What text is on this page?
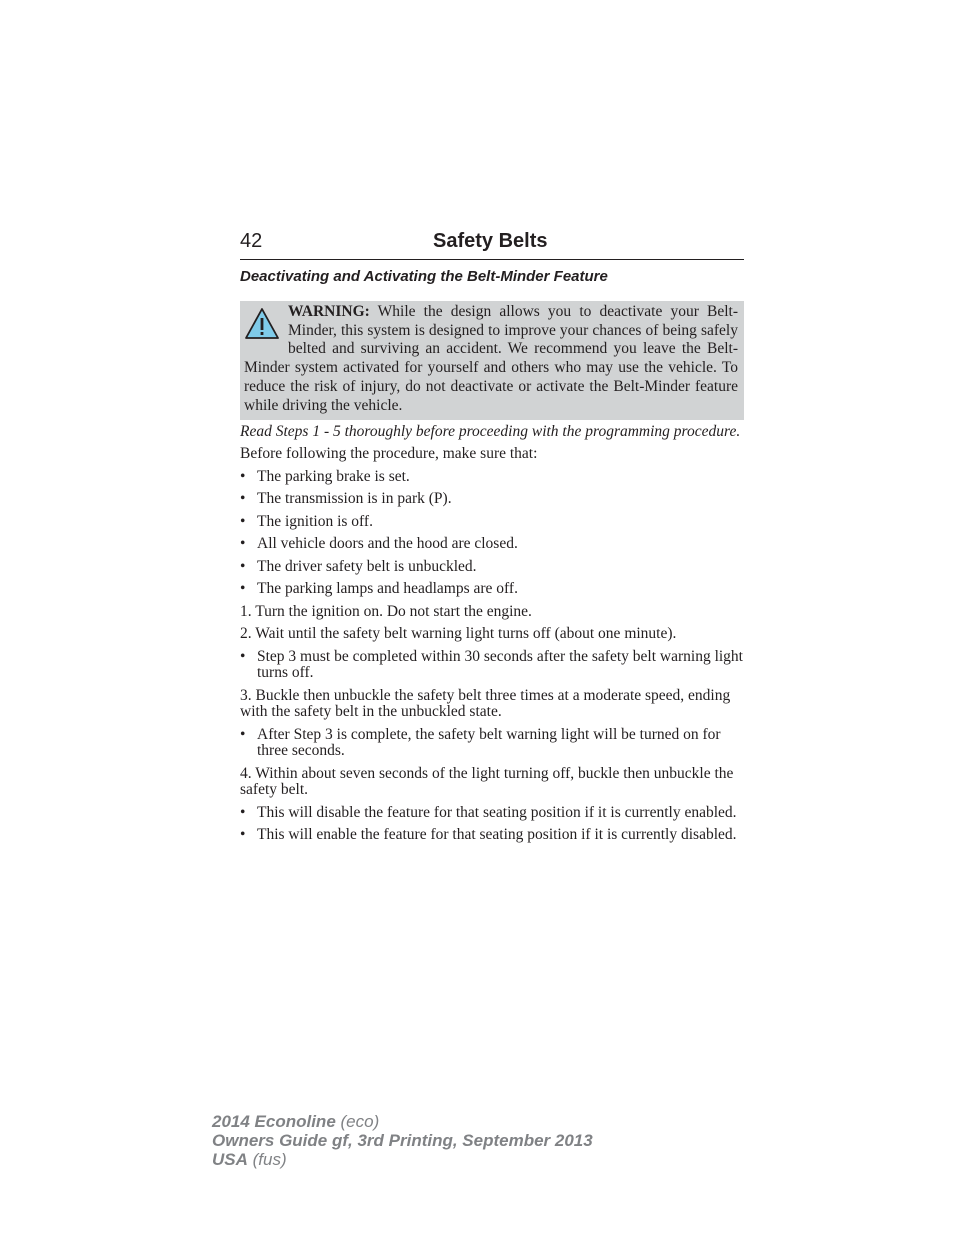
42	Safety Belts
Deactivating and Activating the Belt-Minder Feature

WARNING: While the design allows you to deactivate your Belt-Minder, this system is designed to improve your chances of being safely belted and surviving an accident. We recommend you leave the Belt-Minder system activated for yourself and others who may use the vehicle. To reduce the risk of injury, do not deactivate or activate the Belt-Minder feature while driving the vehicle.

Read Steps 1 - 5 thoroughly before proceeding with the programming procedure.

Before following the procedure, make sure that:

• The parking brake is set.
• The transmission is in park (P).
• The ignition is off.
• All vehicle doors and the hood are closed.
• The driver safety belt is unbuckled.
• The parking lamps and headlamps are off.

1. Turn the ignition on. Do not start the engine.

2. Wait until the safety belt warning light turns off (about one minute).

• Step 3 must be completed within 30 seconds after the safety belt warning light turns off.

3. Buckle then unbuckle the safety belt three times at a moderate speed, ending with the safety belt in the unbuckled state.

• After Step 3 is complete, the safety belt warning light will be turned on for three seconds.

4. Within about seven seconds of the light turning off, buckle then unbuckle the safety belt.

• This will disable the feature for that seating position if it is currently enabled.
• This will enable the feature for that seating position if it is currently disabled.
2014 Econoline (eco)
Owners Guide gf, 3rd Printing, September 2013
USA (fus)
